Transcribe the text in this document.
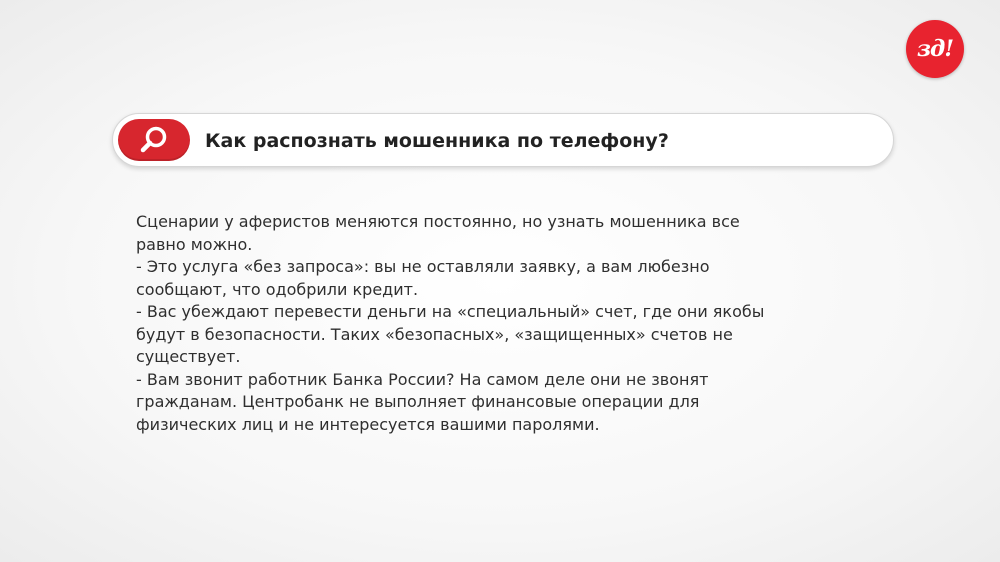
зд!
Как распознать мошенника по телефону?

Сценарии у аферистов меняются постоянно, но узнать мошенника все

равно можно.

- Это услуга «без запроса»: вы не оставляли заявку, а вам любезно

сообщают, что одобрили кредит.

- Вас убеждают перевести деньги на «специальный» счет, где они якобы

будут в безопасности. Таких «безопасных», «защищенных» счетов не

существует.

- Вам звонит работник Банка России? На самом деле они не звонят

гражданам. Центробанк не выполняет финансовые операции для

физических лиц и не интересуется вашими паролями.
